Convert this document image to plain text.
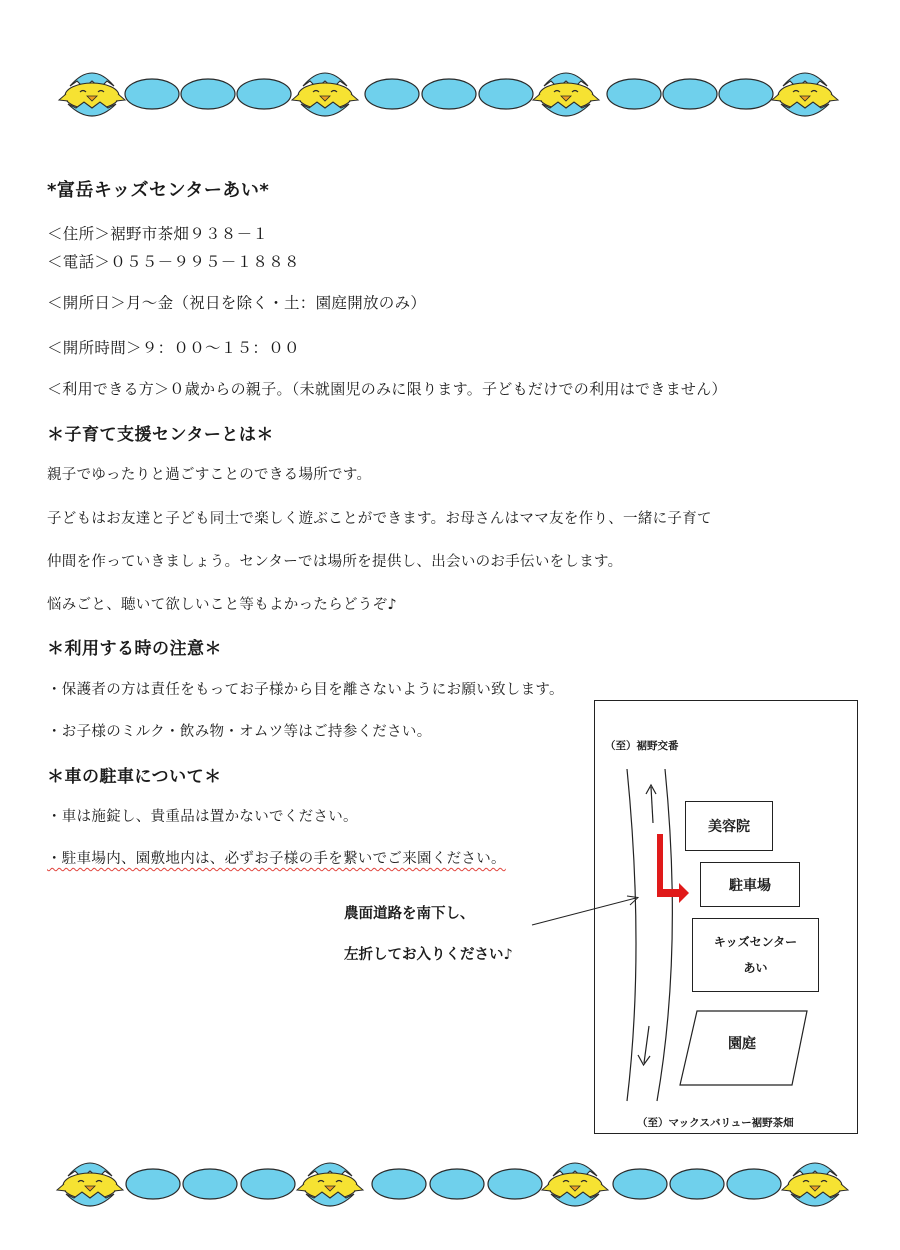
*富岳キッズセンターあい*
＜住所＞裾野市茶畑９３８－１
＜電話＞０５５－９９５－１８８８
＜開所日＞月～金（祝日を除く・土：園庭開放のみ）
＜開所時間＞９：００～１５：００
＜利用できる方＞０歳からの親子。（未就園児のみに限ります。子どもだけでの利用はできません）
＊子育て支援センターとは＊
親子でゆったりと過ごすことのできる場所です。
子どもはお友達と子ども同士で楽しく遊ぶことができます。お母さんはママ友を作り、一緒に子育て
仲間を作っていきましょう。センターでは場所を提供し、出会いのお手伝いをします。
悩みごと、聴いて欲しいこと等もよかったらどうぞ♪
＊利用する時の注意＊
・保護者の方は責任をもってお子様から目を離さないようにお願い致します。
・お子様のミルク・飲み物・オムツ等はご持参ください。
＊車の駐車について＊
・車は施錠し、貴重品は置かないでください。
・駐車場内、園敷地内は、必ずお子様の手を繋いでご来園ください。
農面道路を南下し、
左折してお入りください♪
（至）裾野交番
美容院
駐車場
キッズセンター
あい
園庭
（至）マックスバリュー裾野茶畑
